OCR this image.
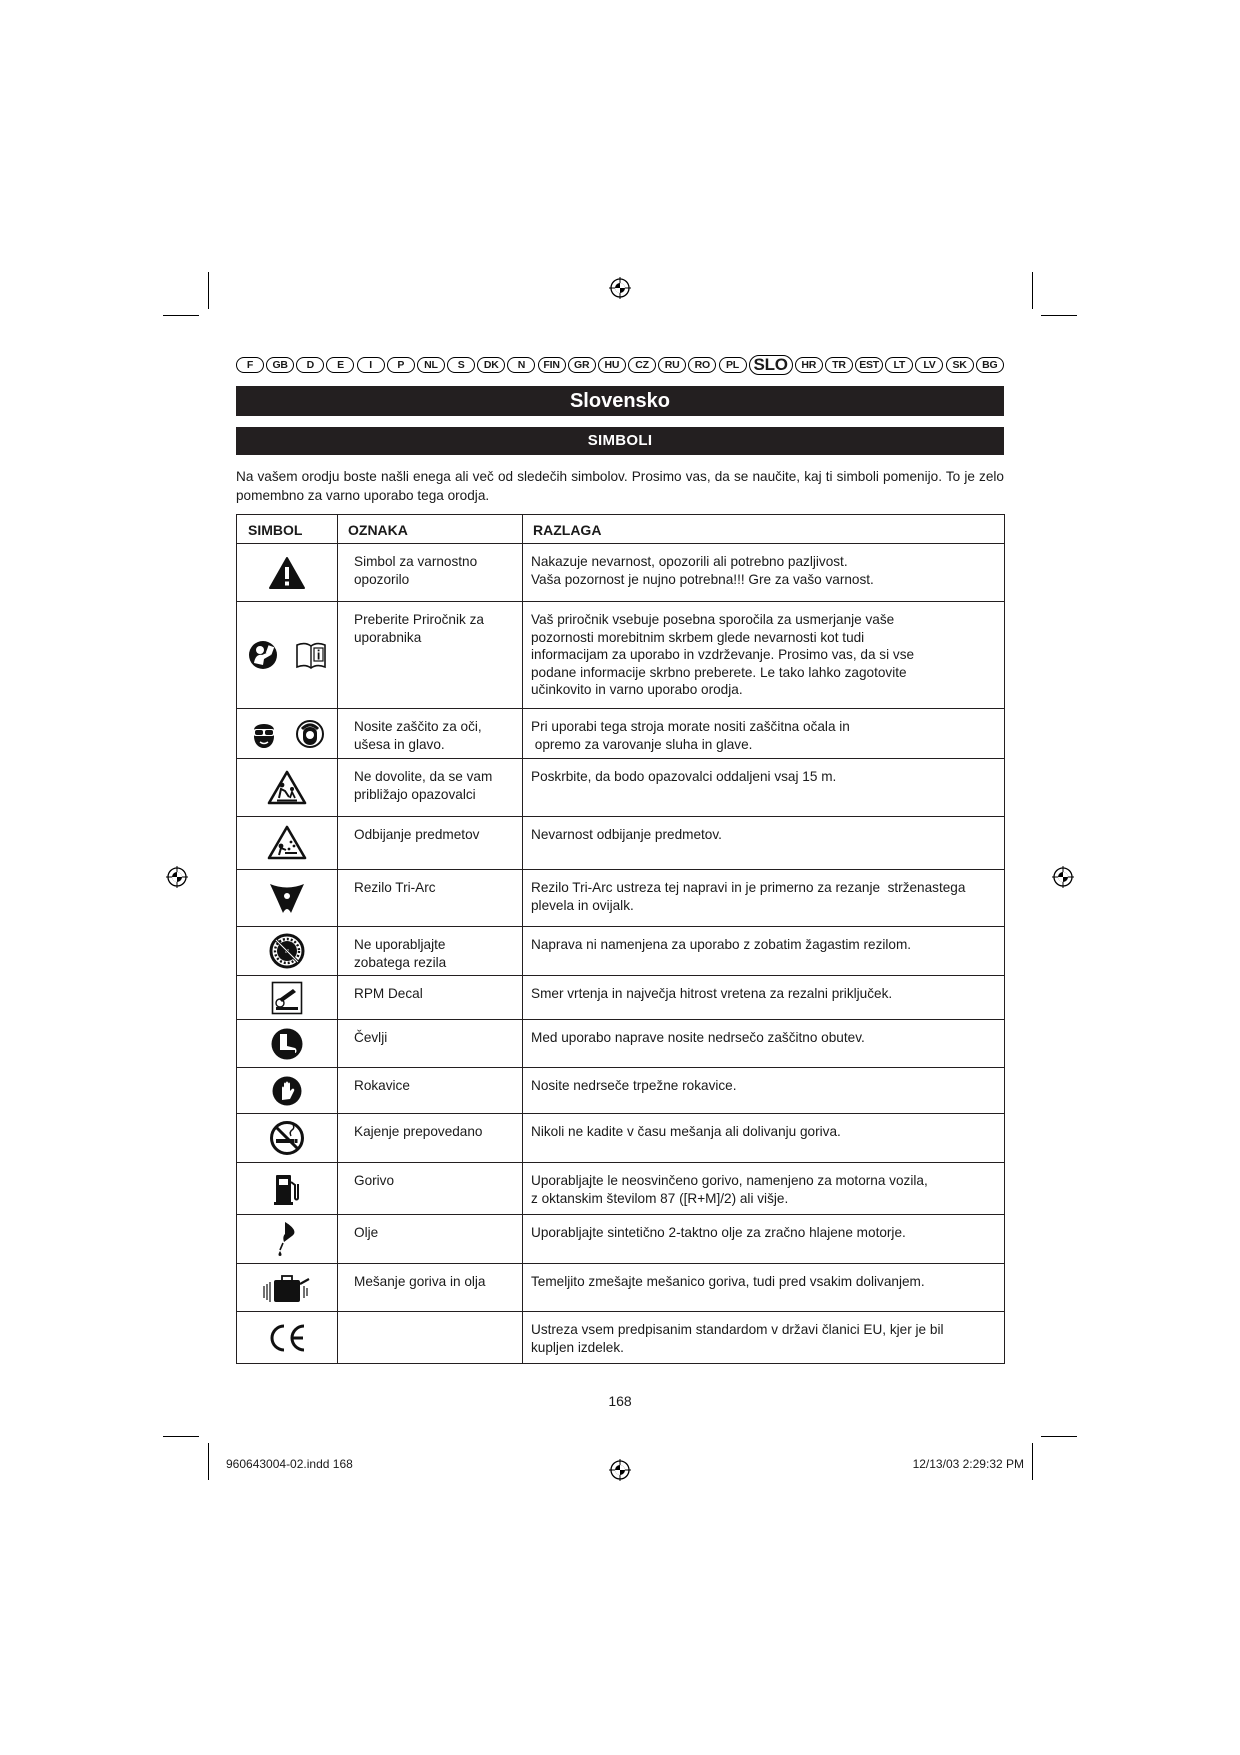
F	GB	D	E	I	P	NL	S	DK	N	FIN	GR	HU	CZ	RU	RO	PL SLO	HR	TR	EST	LT	LV	SK	BG
Slovensko
SIMBOLI
Na vašem orodju boste našli enega ali več od sledečih simbolov. Prosimo vas, da se naučite, kaj ti simboli pomenijo. To je zelo pomembno za varno uporabo tega orodja.
SIMBOL	OZNAKA	RAZLAGA

Simbol za varnostno
opozorilo	Nakazuje nevarnost, opozorili ali potrebno pazljivost.
Vaša pozornost je nujno potrebna!!! Gre za vašo varnost.

Preberite Priročnik za
uporabnika	Vaš priročnik vsebuje posebna sporočila za usmerjanje vaše
pozornosti morebitnim skrbem glede nevarnosti kot tudi
informacijam za uporabo in vzdrževanje. Prosimo vas, da si vse
podane informacije skrbno preberete. Le tako lahko zagotovite
učinkovito in varno uporabo orodja.

Nosite zaščito za oči,
ušesa in glavo.	Pri uporabi tega stroja morate nositi zaščitna očala in
opremo za varovanje sluha in glave.

Ne dovolite, da se vam
približajo opazovalci	Poskrbite, da bodo opazovalci oddaljeni vsaj 15 m.

Odbijanje predmetov	Nevarnost odbijanje predmetov.

Rezilo Tri-Arc	Rezilo Tri-Arc ustreza tej napravi in je primerno za rezanje  strženastega
plevela in ovijalk.

Ne uporabljajte
zobatega rezila	Naprava ni namenjena za uporabo z zobatim žagastim rezilom.

RPM Decal	Smer vrtenja in največja hitrost vretena za rezalni priključek.

Čevlji	Med uporabo naprave nosite nedrsečo zaščitno obutev.

Rokavice	Nosite nedrseče trpežne rokavice.

Kajenje prepovedano	Nikoli ne kadite v času mešanja ali dolivanju goriva.

Gorivo	Uporabljajte le neosvinčeno gorivo, namenjeno za motorna vozila,
z oktanskim številom 87 ([R+M]/2) ali višje.

Olje	Uporabljajte sintetično 2-taktno olje za zračno hlajene motorje.

Mešanje goriva in olja	Temeljito zmešajte mešanico goriva, tudi pred vsakim dolivanjem.

Ustreza vsem predpisanim standardom v državi članici EU, kjer je bil
kupljen izdelek.
168
960643004-02.indd 168	12/13/03 2:29:32 PM
